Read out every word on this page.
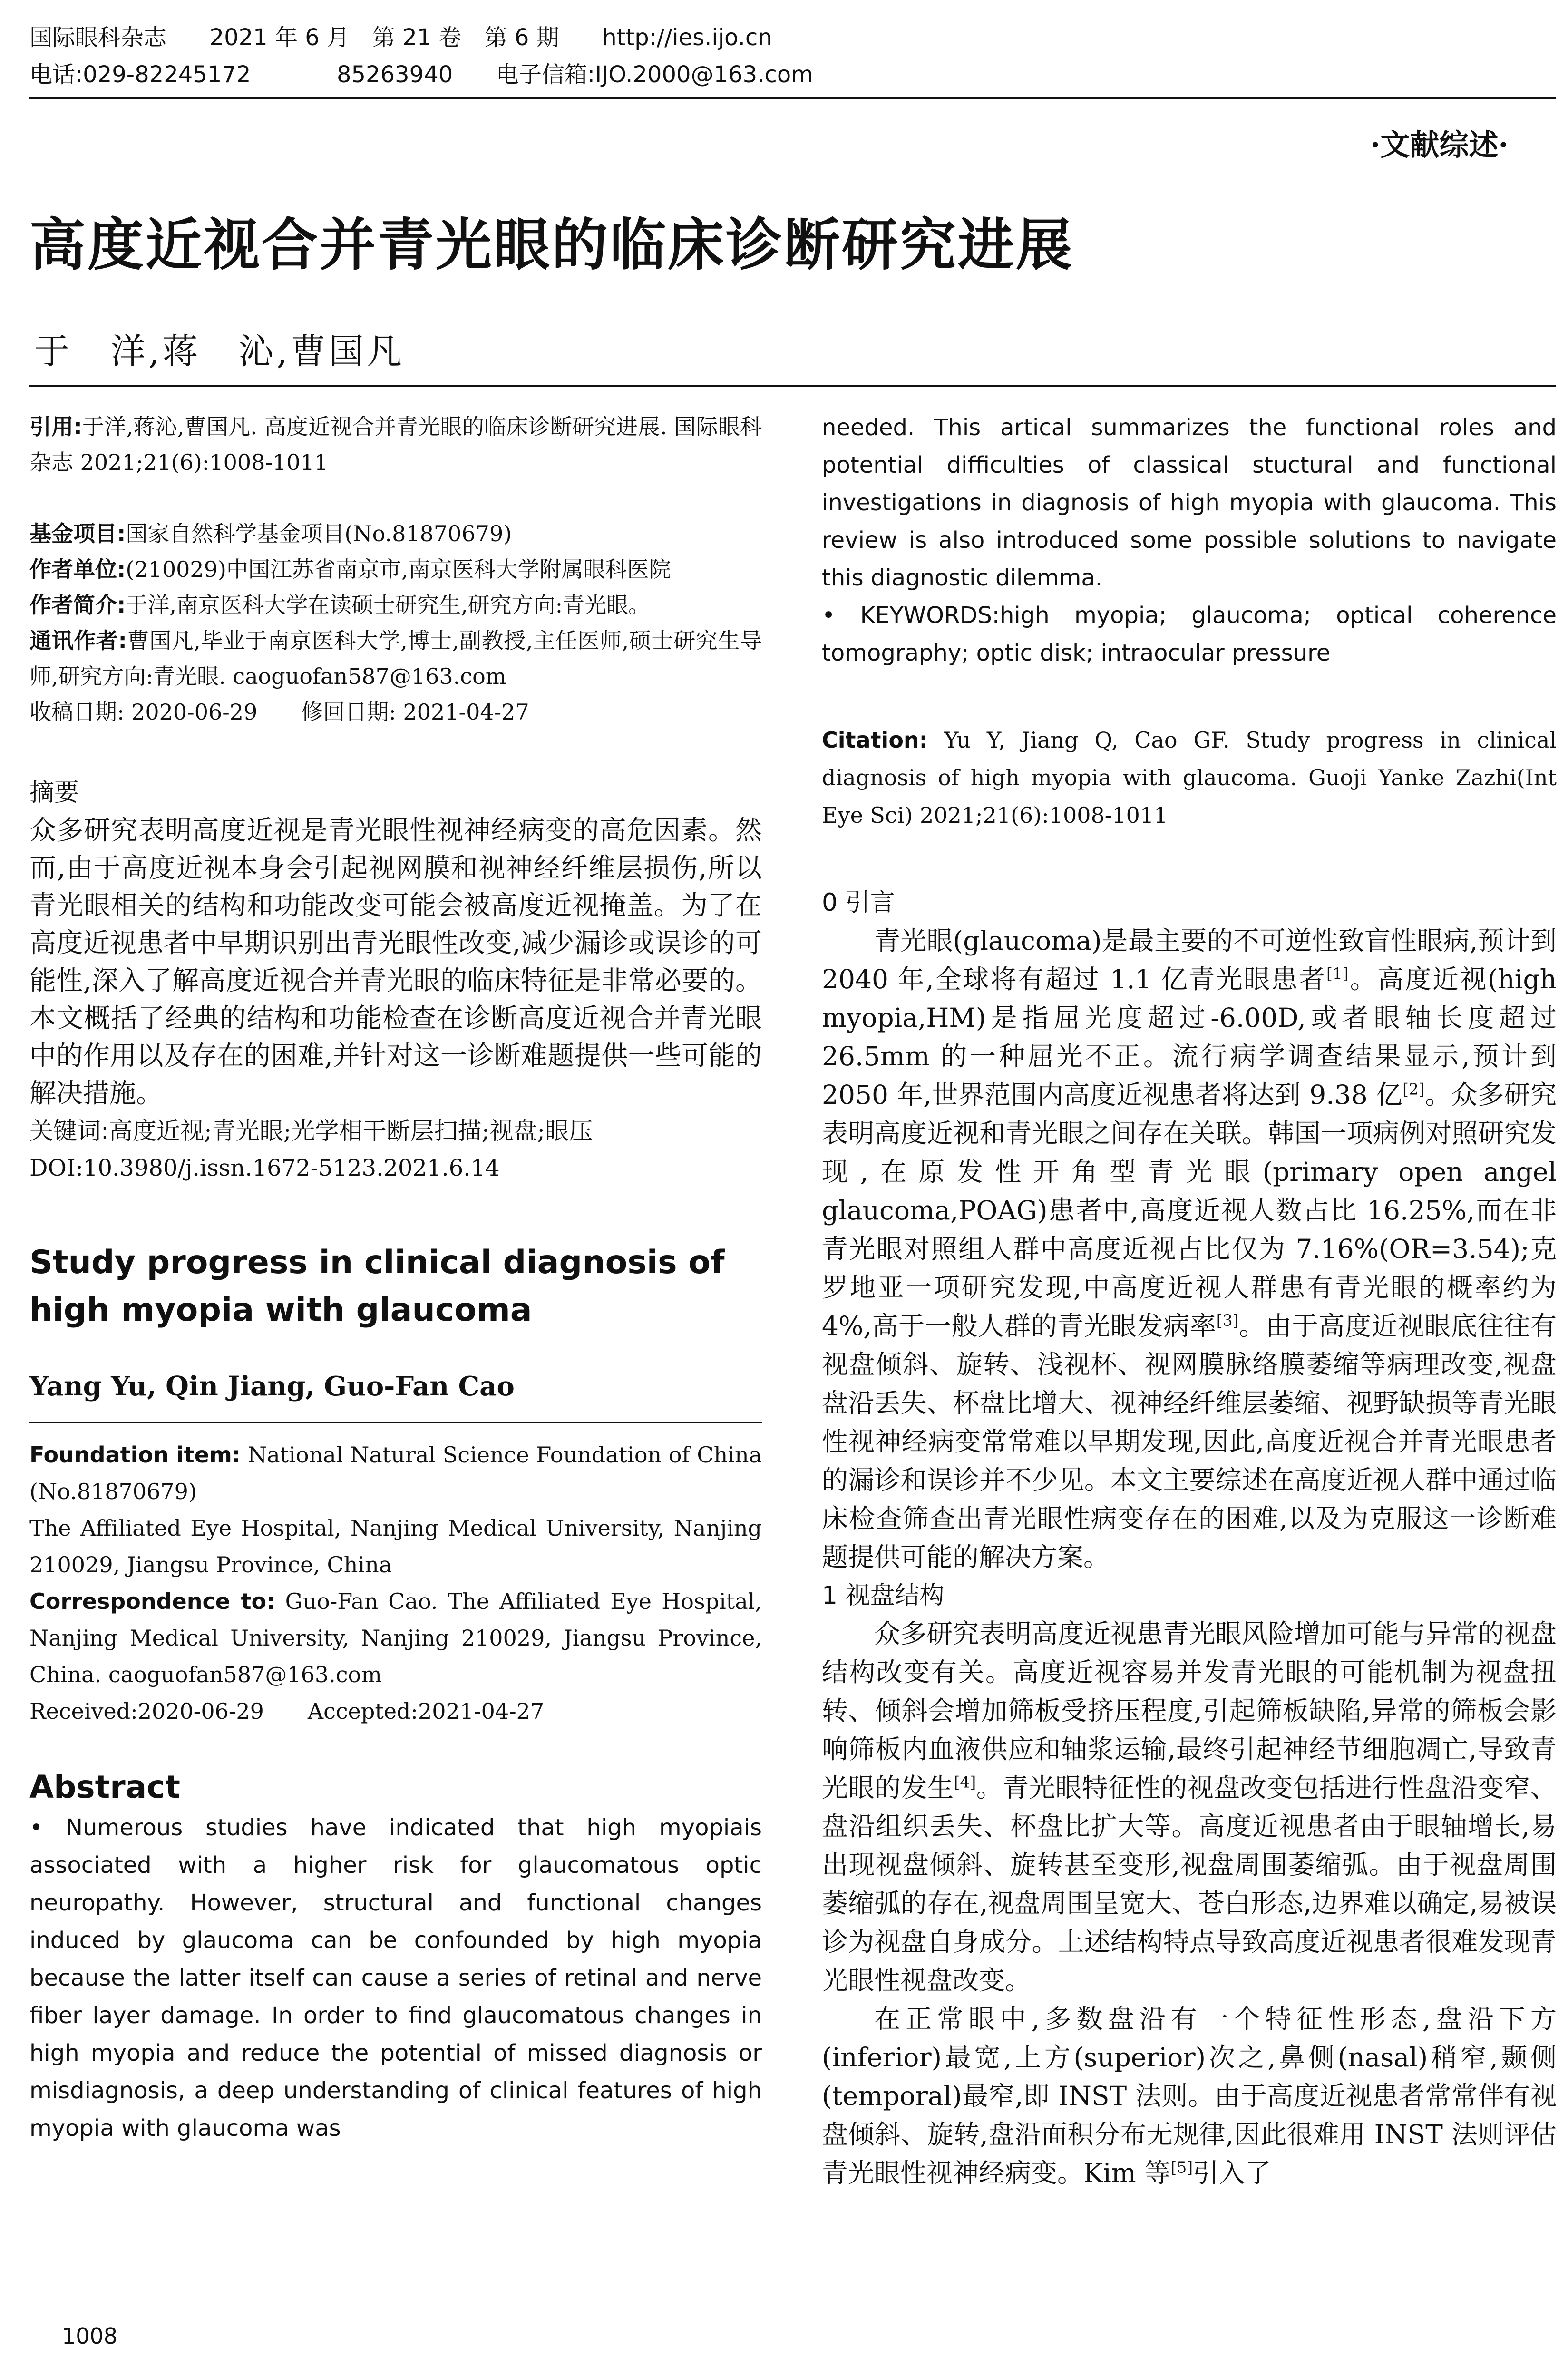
国际眼科杂志 2021 年 6 月　第 21 卷　第 6 期 http://ies.ijo.cn
电话:029-82245172	85263940 电子信箱:IJO.2000@163.com
·文献综述·
高度近视合并青光眼的临床诊断研究进展
于　洋,蒋　沁,曹国凡

引用:于洋,蒋沁,曹国凡. 高度近视合并青光眼的临床诊断研究进展. 国际眼科杂志 2021;21(6):1008-1011

基金项目:国家自然科学基金项目(No.81870679)

作者单位:(210029)中国江苏省南京市,南京医科大学附属眼科医院

作者简介:于洋,南京医科大学在读硕士研究生,研究方向:青光眼。

通讯作者:曹国凡,毕业于南京医科大学,博士,副教授,主任医师,硕士研究生导师,研究方向:青光眼. caoguofan587@163.com

收稿日期: 2020-06-29　　修回日期: 2021-04-27

摘要

众多研究表明高度近视是青光眼性视神经病变的高危因素。然而,由于高度近视本身会引起视网膜和视神经纤维层损伤,所以青光眼相关的结构和功能改变可能会被高度近视掩盖。为了在高度近视患者中早期识别出青光眼性改变,减少漏诊或误诊的可能性,深入了解高度近视合并青光眼的临床特征是非常必要的。本文概括了经典的结构和功能检查在诊断高度近视合并青光眼中的作用以及存在的困难,并针对这一诊断难题提供一些可能的解决措施。

关键词:高度近视;青光眼;光学相干断层扫描;视盘;眼压

DOI:10.3980/j.issn.1672-5123.2021.6.14

Study progress in clinical diagnosis of high myopia with glaucoma

Yang Yu, Qin Jiang, Guo-Fan Cao

Foundation item: National Natural Science Foundation of China (No.81870679)

The Affiliated Eye Hospital, Nanjing Medical University, Nanjing 210029, Jiangsu Province, China

Correspondence to: Guo-Fan Cao. The Affiliated Eye Hospital, Nanjing Medical University, Nanjing 210029, Jiangsu Province, China. caoguofan587@163.com

Received:2020-06-29　　Accepted:2021-04-27

Abstract

• Numerous studies have indicated that high myopiais associated with a higher risk for glaucomatous optic neuropathy. However, structural and functional changes induced by glaucoma can be confounded by high myopia because the latter itself can cause a series of retinal and nerve fiber layer damage. In order to find glaucomatous changes in high myopia and reduce the potential of missed diagnosis or misdiagnosis, a deep understanding of clinical features of high myopia with glaucoma was

needed. This artical summarizes the functional roles and potential difficulties of classical stuctural and functional investigations in diagnosis of high myopia with glaucoma. This review is also introduced some possible solutions to navigate this diagnostic dilemma.

• KEYWORDS:high myopia; glaucoma; optical coherence tomography; optic disk; intraocular pressure

Citation: Yu Y, Jiang Q, Cao GF. Study progress in clinical diagnosis of high myopia with glaucoma. Guoji Yanke Zazhi(Int Eye Sci) 2021;21(6):1008-1011

0 引言

青光眼(glaucoma)是最主要的不可逆性致盲性眼病,预计到 2040 年,全球将有超过 1.1 亿青光眼患者[1]。高度近视(high myopia,HM)是指屈光度超过-6.00D,或者眼轴长度超过 26.5mm 的一种屈光不正。流行病学调查结果显示,预计到 2050 年,世界范围内高度近视患者将达到 9.38 亿[2]。众多研究表明高度近视和青光眼之间存在关联。韩国一项病例对照研究发现,在原发性开角型青光眼(primary open angel glaucoma,POAG)患者中,高度近视人数占比 16.25%,而在非青光眼对照组人群中高度近视占比仅为 7.16%(OR=3.54);克罗地亚一项研究发现,中高度近视人群患有青光眼的概率约为 4%,高于一般人群的青光眼发病率[3]。由于高度近视眼底往往有视盘倾斜、旋转、浅视杯、视网膜脉络膜萎缩等病理改变,视盘盘沿丢失、杯盘比增大、视神经纤维层萎缩、视野缺损等青光眼性视神经病变常常难以早期发现,因此,高度近视合并青光眼患者的漏诊和误诊并不少见。本文主要综述在高度近视人群中通过临床检查筛查出青光眼性病变存在的困难,以及为克服这一诊断难题提供可能的解决方案。

1 视盘结构

众多研究表明高度近视患青光眼风险增加可能与异常的视盘结构改变有关。高度近视容易并发青光眼的可能机制为视盘扭转、倾斜会增加筛板受挤压程度,引起筛板缺陷,异常的筛板会影响筛板内血液供应和轴浆运输,最终引起神经节细胞凋亡,导致青光眼的发生[4]。青光眼特征性的视盘改变包括进行性盘沿变窄、盘沿组织丢失、杯盘比扩大等。高度近视患者由于眼轴增长,易出现视盘倾斜、旋转甚至变形,视盘周围萎缩弧。由于视盘周围萎缩弧的存在,视盘周围呈宽大、苍白形态,边界难以确定,易被误诊为视盘自身成分。上述结构特点导致高度近视患者很难发现青光眼性视盘改变。

在正常眼中,多数盘沿有一个特征性形态,盘沿下方(inferior)最宽,上方(superior)次之,鼻侧(nasal)稍窄,颞侧(temporal)最窄,即 INST 法则。由于高度近视患者常常伴有视盘倾斜、旋转,盘沿面积分布无规律,因此很难用 INST 法则评估青光眼性视神经病变。Kim 等[5]引入了

1008
